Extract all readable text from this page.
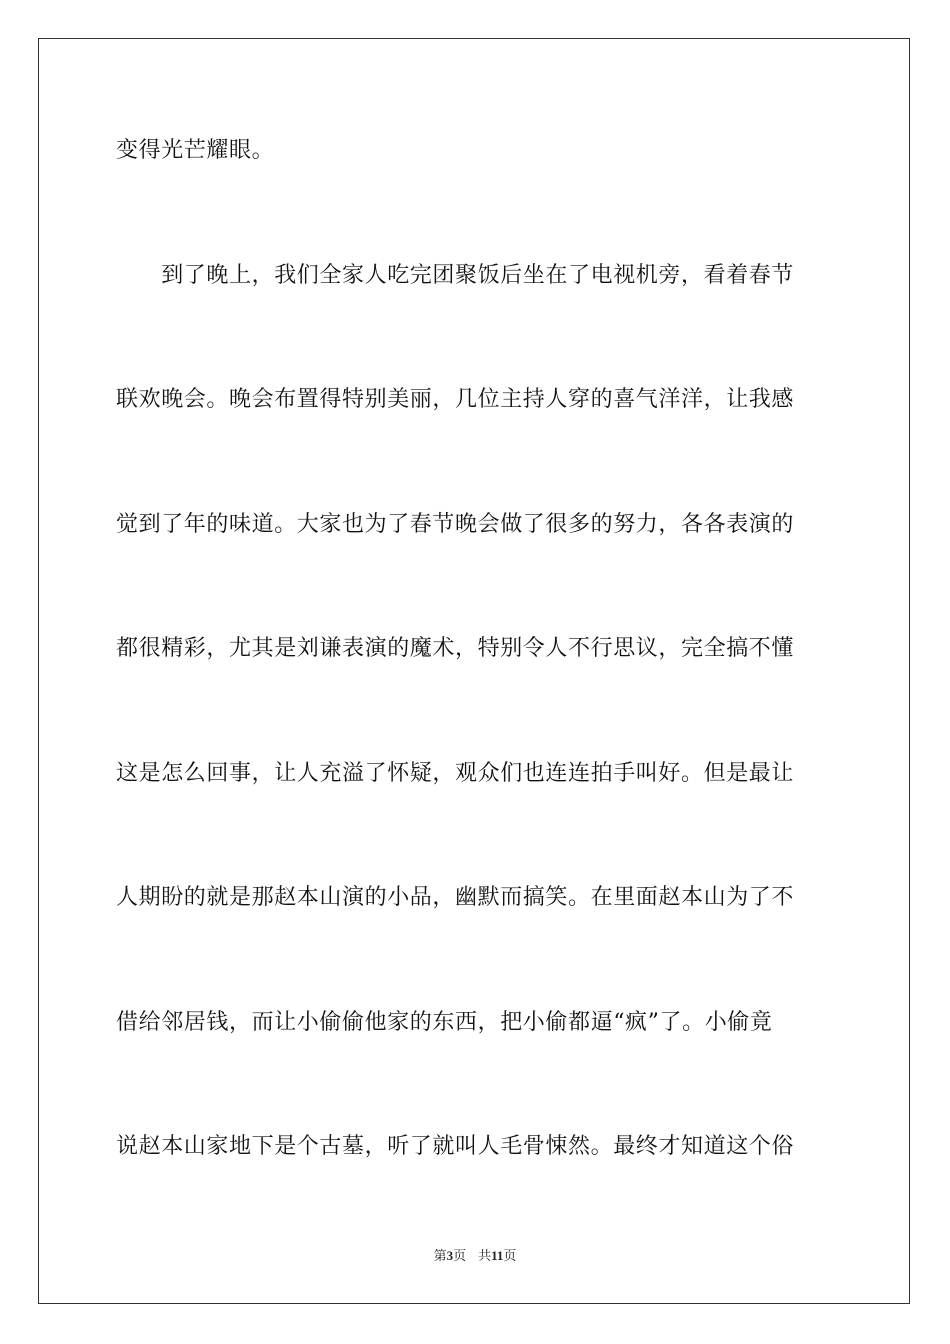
变得光芒耀眼。
　　到了晚上，我们全家人吃完团聚饭后坐在了电视机旁，看着春节
联欢晚会。晚会布置得特别美丽，几位主持人穿的喜气洋洋，让我感
觉到了年的味道。大家也为了春节晚会做了很多的努力，各各表演的
都很精彩，尤其是刘谦表演的魔术，特别令人不行思议，完全搞不懂
这是怎么回事，让人充溢了怀疑，观众们也连连拍手叫好。但是最让
人期盼的就是那赵本山演的小品，幽默而搞笑。在里面赵本山为了不
借给邻居钱，而让小偷偷他家的东西，把小偷都逼“疯”了。小偷竟
说赵本山家地下是个古墓，听了就叫人毛骨悚然。最终才知道这个俗
第3页 共11页
